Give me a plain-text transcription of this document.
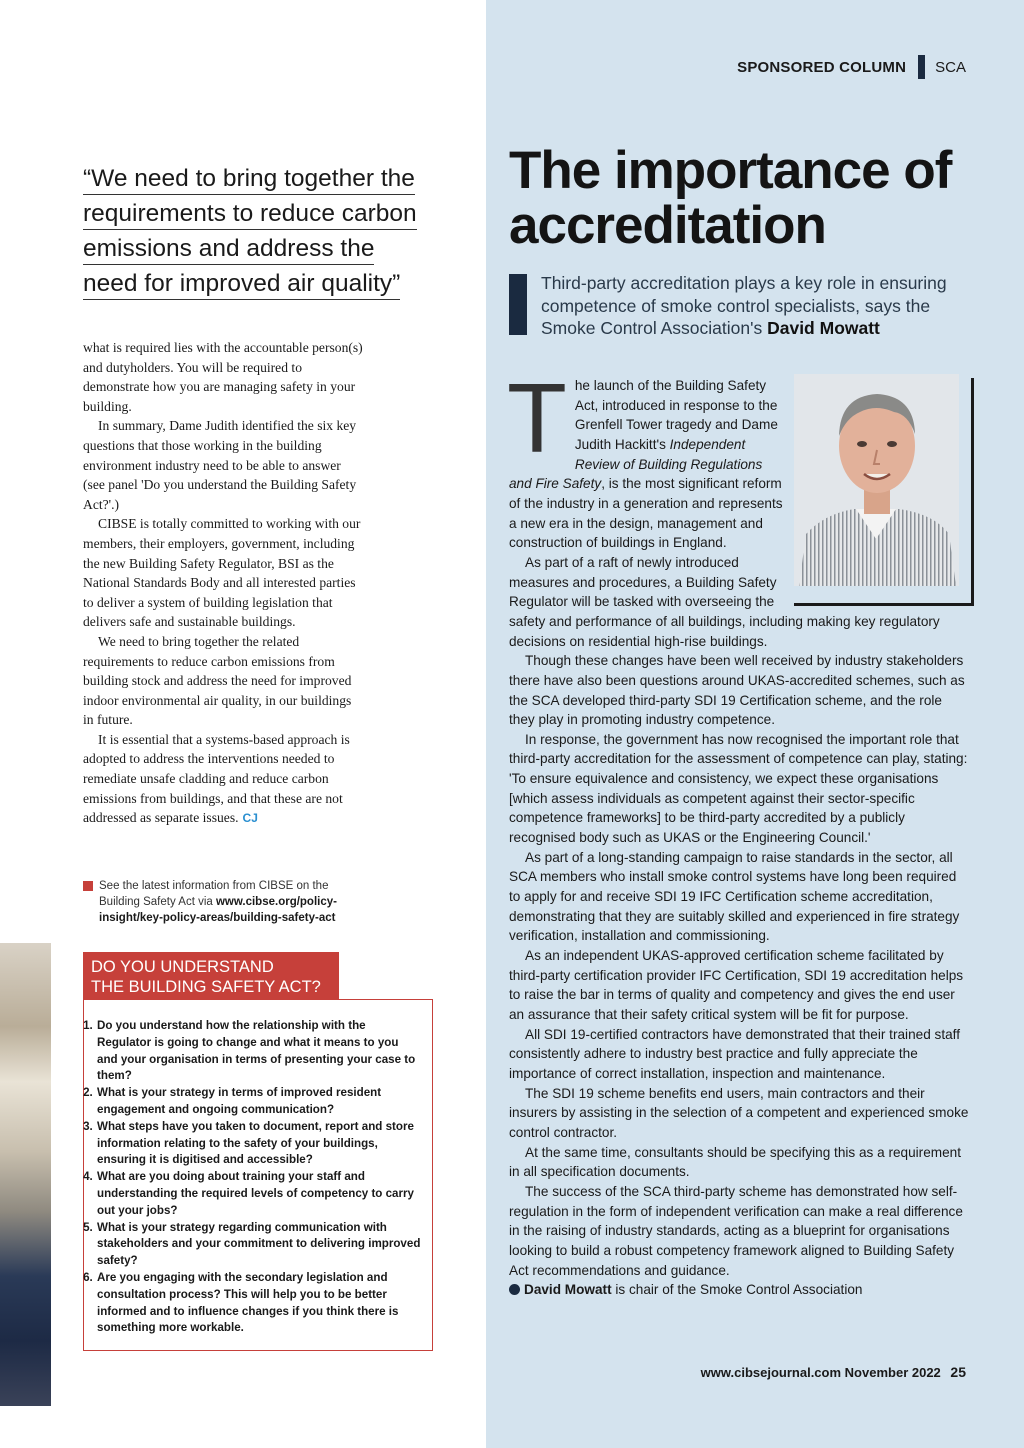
SPONSORED COLUMN SCA
The importance of accreditation

Third-party accreditation plays a key role in ensuring competence of smoke control specialists, says the Smoke Control Association's David Mowatt

“We need to bring together the
requirements to reduce carbon
emissions and address the
need for improved air quality”

what is required lies with the accountable person(s) and dutyholders. You will be required to demonstrate how you are managing safety in your building.

In summary, Dame Judith identified the six key questions that those working in the building environment industry need to be able to answer (see panel 'Do you understand the Building Safety Act?'.)

CIBSE is totally committed to working with our members, their employers, government, including the new Building Safety Regulator, BSI as the National Standards Body and all interested parties to deliver a system of building legislation that delivers safe and sustainable buildings.

We need to bring together the related requirements to reduce carbon emissions from building stock and address the need for improved indoor environmental air quality, in our buildings in future.

It is essential that a systems-based approach is adopted to address the interventions needed to remediate unsafe cladding and reduce carbon emissions from buildings, and that these are not addressed as separate issues. CJ

See the latest information from CIBSE on the Building Safety Act via www.cibse.org/policy-insight/key-policy-areas/building-safety-act
DO YOU UNDERSTAND
THE BUILDING SAFETY ACT?
1. Do you understand how the relationship with the Regulator is going to change and what it means to you and your organisation in terms of presenting your case to them?
2. What is your strategy in terms of improved resident engagement and ongoing communication?
3. What steps have you taken to document, report and store information relating to the safety of your buildings, ensuring it is digitised and accessible?
4. What are you doing about training your staff and understanding the required levels of competency to carry out your jobs?
5. What is your strategy regarding communication with stakeholders and your commitment to delivering improved safety?
6. Are you engaging with the secondary legislation and consultation process? This will help you to be better informed and to influence changes if you think there is something more workable.

The launch of the Building Safety Act, introduced in response to the Grenfell Tower tragedy and Dame Judith Hackitt's Independent Review of Building Regulations and Fire Safety, is the most significant reform of the industry in a generation and represents a new era in the design, management and construction of buildings in England.

As part of a raft of newly introduced measures and procedures, a Building Safety Regulator will be tasked with overseeing the safety and performance of all buildings, including making key regulatory decisions on residential high-rise buildings.

Though these changes have been well received by industry stakeholders there have also been questions around UKAS-accredited schemes, such as the SCA developed third-party SDI 19 Certification scheme, and the role they play in promoting industry competence.

In response, the government has now recognised the important role that third-party accreditation for the assessment of competence can play, stating: 'To ensure equivalence and consistency, we expect these organisations [which assess individuals as competent against their sector-specific competence frameworks] to be third-party accredited by a publicly recognised body such as UKAS or the Engineering Council.'

As part of a long-standing campaign to raise standards in the sector, all SCA members who install smoke control systems have long been required to apply for and receive SDI 19 IFC Certification scheme accreditation, demonstrating that they are suitably skilled and experienced in fire strategy verification, installation and commissioning.

As an independent UKAS-approved certification scheme facilitated by third-party certification provider IFC Certification, SDI 19 accreditation helps to raise the bar in terms of quality and competency and gives the end user an assurance that their safety critical system will be fit for purpose.

All SDI 19-certified contractors have demonstrated that their trained staff consistently adhere to industry best practice and fully appreciate the importance of correct installation, inspection and maintenance.

The SDI 19 scheme benefits end users, main contractors and their insurers by assisting in the selection of a competent and experienced smoke control contractor.

At the same time, consultants should be specifying this as a requirement in all specification documents.

The success of the SCA third-party scheme has demonstrated how self-regulation in the form of independent verification can make a real difference in the raising of industry standards, acting as a blueprint for organisations looking to build a robust competency framework aligned to Building Safety Act recommendations and guidance.

David Mowatt is chair of the Smoke Control Association

www.cibsejournal.com November 2022 25
